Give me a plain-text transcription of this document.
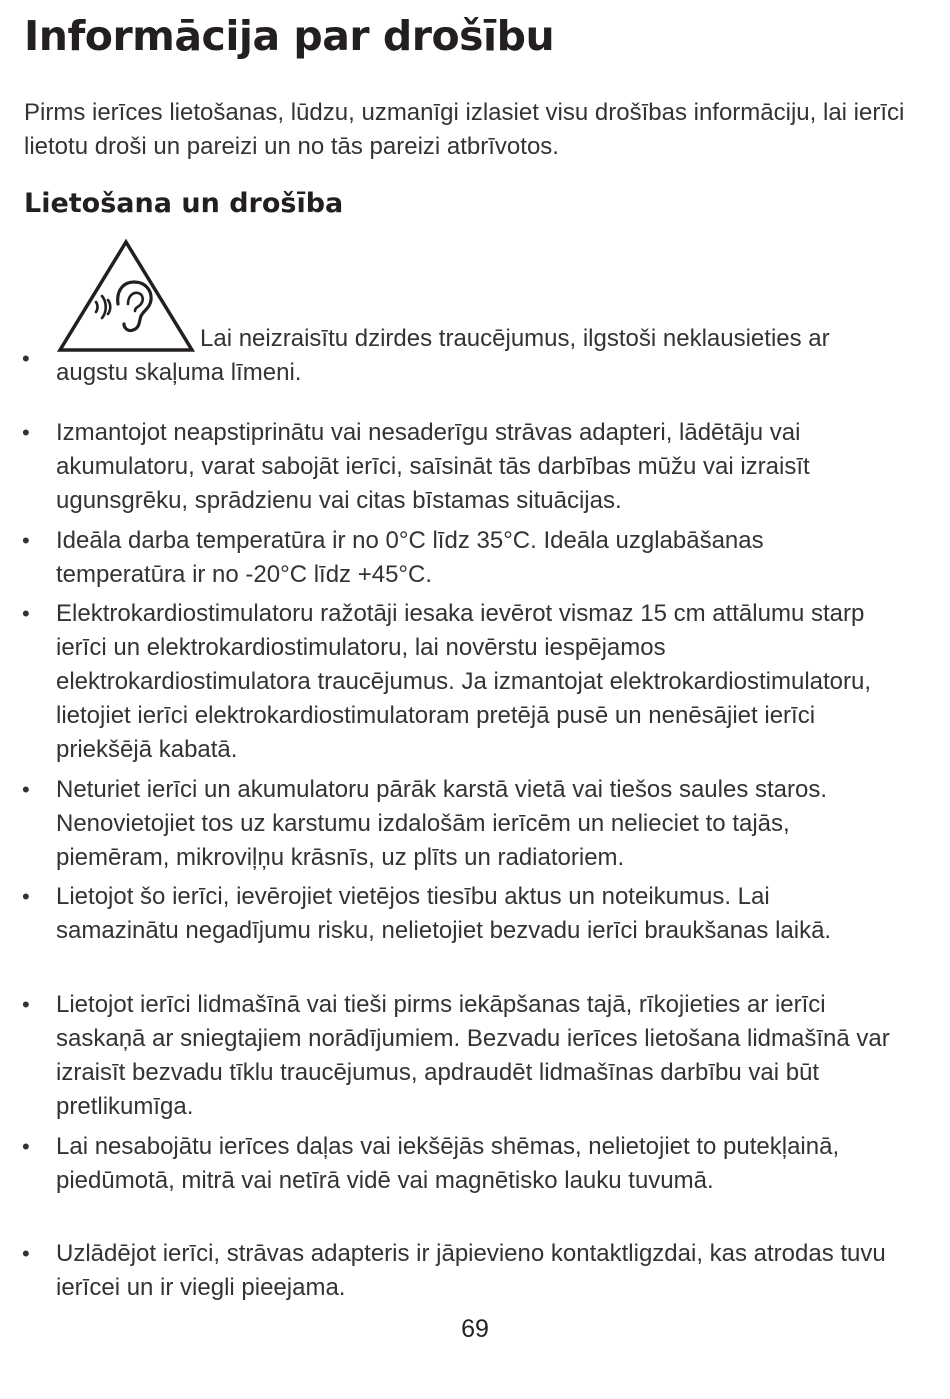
Informācija par drošību

Pirms ierīces lietošanas, lūdzu, uzmanīgi izlasiet visu drošības informāciju, lai ierīci lietotu droši un pareizi un no tās pareizi atbrīvotos.

Lietošana un drošība
•
Lai neizraisītu dzirdes traucējumus, ilgstoši neklausieties ar augstu skaļuma līmeni.
•	Izmantojot neapstiprinātu vai nesaderīgu strāvas adapteri, lādētāju vai akumulatoru, varat sabojāt ierīci, saīsināt tās darbības mūžu vai izraisīt ugunsgrēku, sprādzienu vai citas bīstamas situācijas.
•	Ideāla darba temperatūra ir no 0°C līdz 35°C. Ideāla uzglabāšanas temperatūra ir no -20°C līdz +45°C.
•	Elektrokardiostimulatoru ražotāji iesaka ievērot vismaz 15 cm attālumu starp ierīci un elektrokardiostimulatoru, lai novērstu iespējamos elektrokardiostimulatora traucējumus. Ja izmantojat elektrokardiostimulatoru, lietojiet ierīci elektrokardiostimulatoram pretējā pusē un nenēsājiet ierīci priekšējā kabatā.
•	Neturiet ierīci un akumulatoru pārāk karstā vietā vai tiešos saules staros. Nenovietojiet tos uz karstumu izdalošām ierīcēm un nelieciet to tajās, piemēram, mikroviļņu krāsnīs, uz plīts un radiatoriem.
•	Lietojot šo ierīci, ievērojiet vietējos tiesību aktus un noteikumus. Lai samazinātu negadījumu risku, nelietojiet bezvadu ierīci braukšanas laikā.
•	Lietojot ierīci lidmašīnā vai tieši pirms iekāpšanas tajā, rīkojieties ar ierīci saskaņā ar sniegtajiem norādījumiem. Bezvadu ierīces lietošana lidmašīnā var izraisīt bezvadu tīklu traucējumus, apdraudēt lidmašīnas darbību vai būt pretlikumīga.
•	Lai nesabojātu ierīces daļas vai iekšējās shēmas, nelietojiet to putekļainā, piedūmotā, mitrā vai netīrā vidē vai magnētisko lauku tuvumā.
•	Uzlādējot ierīci, strāvas adapteris ir jāpievieno kontaktligzdai, kas atrodas tuvu ierīcei un ir viegli pieejama.
69
